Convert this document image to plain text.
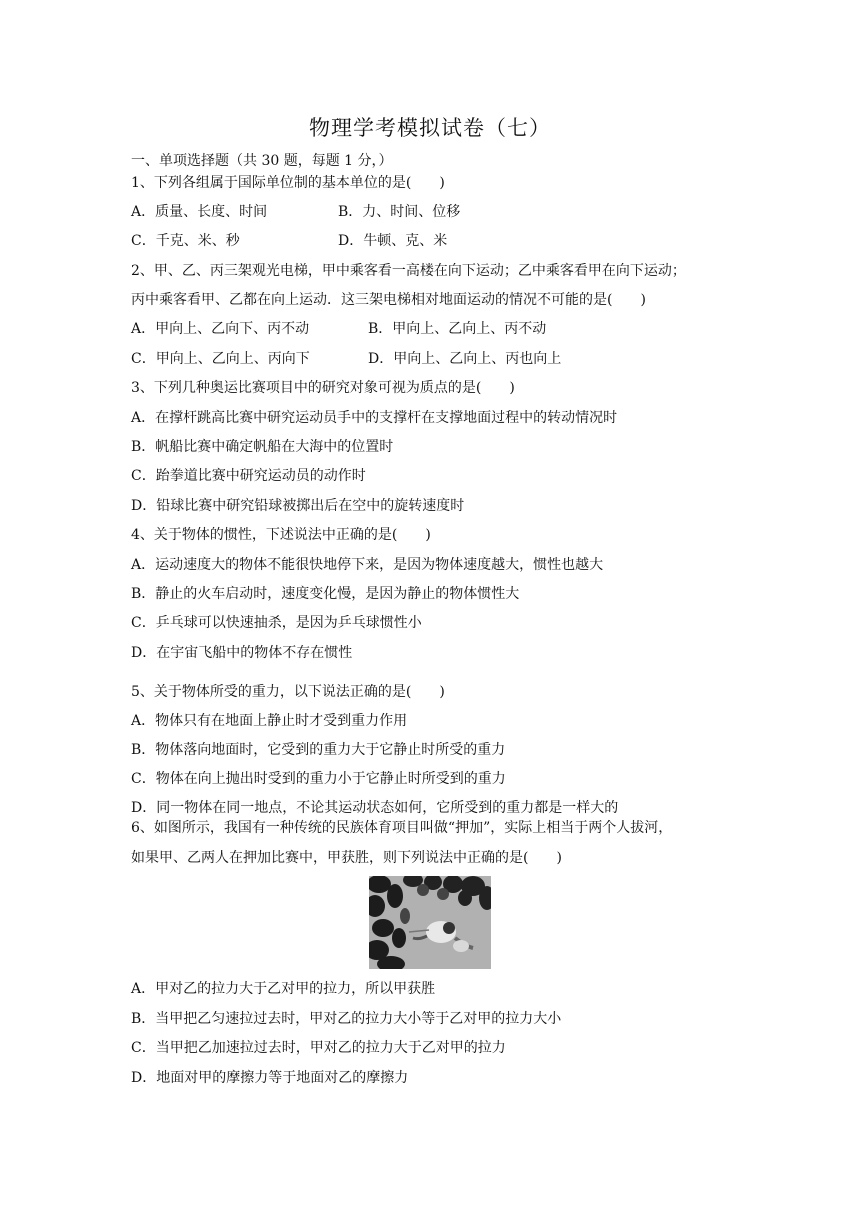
物理学考模拟试卷（七）
一、单项选择题（共 30 题，每题 1 分，）
1、下列各组属于国际单位制的基本单位的是(　　)
A．质量、长度、时间	B．力、时间、位移
C．千克、米、秒	D．牛顿、克、米
2、甲、乙、丙三架观光电梯，甲中乘客看一高楼在向下运动；乙中乘客看甲在向下运动；
丙中乘客看甲、乙都在向上运动．这三架电梯相对地面运动的情况不可能的是(　　)
A．甲向上、乙向下、丙不动	B．甲向上、乙向上、丙不动
C．甲向上、乙向上、丙向下	D．甲向上、乙向上、丙也向上
3、下列几种奥运比赛项目中的研究对象可视为质点的是(　　)
A．在撑杆跳高比赛中研究运动员手中的支撑杆在支撑地面过程中的转动情况时
B．帆船比赛中确定帆船在大海中的位置时
C．跆拳道比赛中研究运动员的动作时
D．铅球比赛中研究铅球被掷出后在空中的旋转速度时
4、关于物体的惯性，下述说法中正确的是(　　)
A．运动速度大的物体不能很快地停下来，是因为物体速度越大，惯性也越大
B．静止的火车启动时，速度变化慢，是因为静止的物体惯性大
C．乒乓球可以快速抽杀，是因为乒乓球惯性小
D．在宇宙飞船中的物体不存在惯性
5、关于物体所受的重力，以下说法正确的是(　　)
A．物体只有在地面上静止时才受到重力作用
B．物体落向地面时，它受到的重力大于它静止时所受的重力
C．物体在向上抛出时受到的重力小于它静止时所受到的重力
D．同一物体在同一地点，不论其运动状态如何，它所受到的重力都是一样大的
6、如图所示，我国有一种传统的民族体育项目叫做“押加”，实际上相当于两个人拔河，
如果甲、乙两人在押加比赛中，甲获胜，则下列说法中正确的是(　　)
A．甲对乙的拉力大于乙对甲的拉力，所以甲获胜
B．当甲把乙匀速拉过去时，甲对乙的拉力大小等于乙对甲的拉力大小
C．当甲把乙加速拉过去时，甲对乙的拉力大于乙对甲的拉力
D．地面对甲的摩擦力等于地面对乙的摩擦力
